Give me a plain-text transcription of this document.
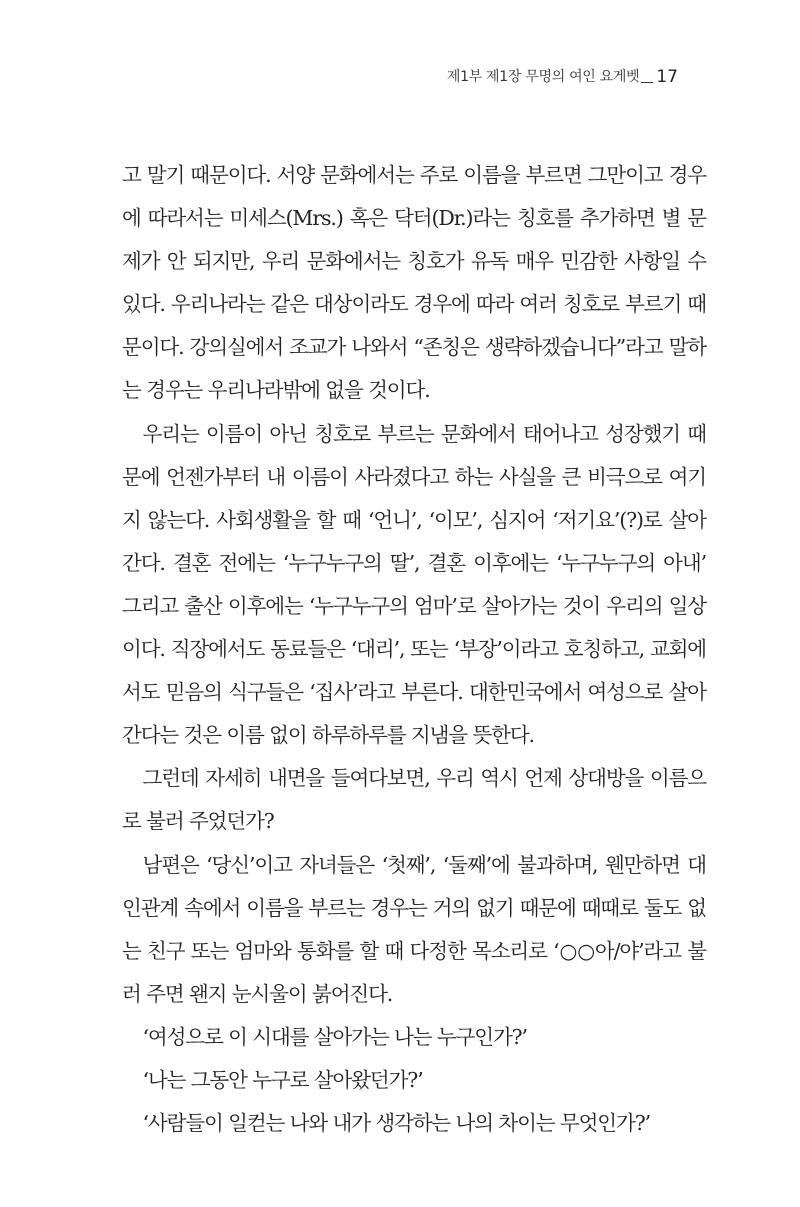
제1부 제1장 무명의 여인 요게벳 17

고 말기 때문이다. 서양 문화에서는 주로 이름을 부르면 그만이고 경우에 따라서는 미세스(Mrs.) 혹은 닥터(Dr.)라는 칭호를 추가하면 별 문제가 안 되지만, 우리 문화에서는 칭호가 유독 매우 민감한 사항일 수 있다. 우리나라는 같은 대상이라도 경우에 따라 여러 칭호로 부르기 때문이다. 강의실에서 조교가 나와서 “존칭은 생략하겠습니다”라고 말하는 경우는 우리나라밖에 없을 것이다.

우리는 이름이 아닌 칭호로 부르는 문화에서 태어나고 성장했기 때문에 언젠가부터 내 이름이 사라졌다고 하는 사실을 큰 비극으로 여기지 않는다. 사회생활을 할 때 ‘언니’, ‘이모’, 심지어 ‘저기요’(?)로 살아간다. 결혼 전에는 ‘누구누구의 딸’, 결혼 이후에는 ‘누구누구의 아내’ 그리고 출산 이후에는 ‘누구누구의 엄마’로 살아가는 것이 우리의 일상이다. 직장에서도 동료들은 ‘대리’, 또는 ‘부장’이라고 호칭하고, 교회에서도 믿음의 식구들은 ‘집사’라고 부른다. 대한민국에서 여성으로 살아간다는 것은 이름 없이 하루하루를 지냄을 뜻한다.

그런데 자세히 내면을 들여다보면, 우리 역시 언제 상대방을 이름으로 불러 주었던가?

남편은 ‘당신’이고 자녀들은 ‘첫째’, ‘둘째’에 불과하며, 웬만하면 대인관계 속에서 이름을 부르는 경우는 거의 없기 때문에 때때로 둘도 없는 친구 또는 엄마와 통화를 할 때 다정한 목소리로 ‘○○아/야’라고 불러 주면 왠지 눈시울이 붉어진다.

‘여성으로 이 시대를 살아가는 나는 누구인가?’

‘나는 그동안 누구로 살아왔던가?’

‘사람들이 일컫는 나와 내가 생각하는 나의 차이는 무엇인가?’
